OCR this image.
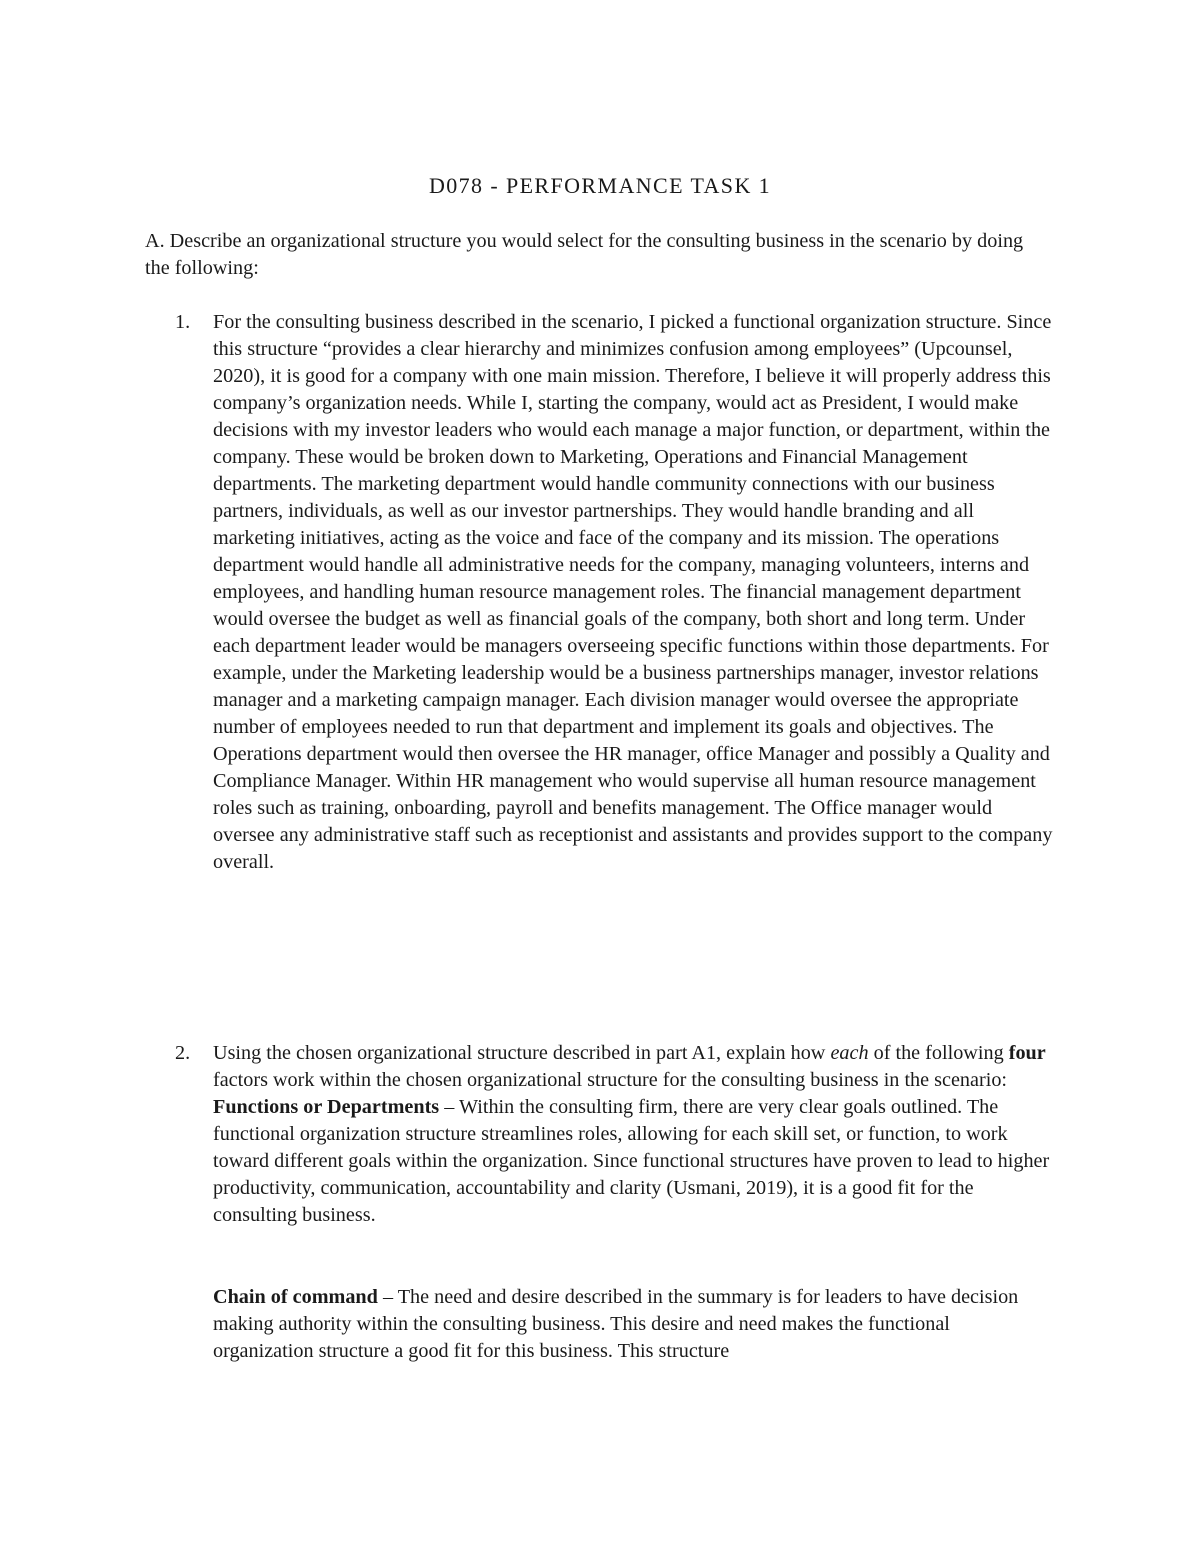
D078 - PERFORMANCE TASK 1
A. Describe an organizational structure you would select for the consulting business in the scenario by doing the following:
1. For the consulting business described in the scenario, I picked a functional organization structure. Since this structure “provides a clear hierarchy and minimizes confusion among employees” (Upcounsel, 2020), it is good for a company with one main mission. Therefore, I believe it will properly address this company’s organization needs. While I, starting the company, would act as President, I would make decisions with my investor leaders who would each manage a major function, or department, within the company. These would be broken down to Marketing, Operations and Financial Management departments. The marketing department would handle community connections with our business partners, individuals, as well as our investor partnerships. They would handle branding and all marketing initiatives, acting as the voice and face of the company and its mission. The operations department would handle all administrative needs for the company, managing volunteers, interns and employees, and handling human resource management roles. The financial management department would oversee the budget as well as financial goals of the company, both short and long term. Under each department leader would be managers overseeing specific functions within those departments. For example, under the Marketing leadership would be a business partnerships manager, investor relations manager and a marketing campaign manager. Each division manager would oversee the appropriate number of employees needed to run that department and implement its goals and objectives. The Operations department would then oversee the HR manager, office Manager and possibly a Quality and Compliance Manager. Within HR management who would supervise all human resource management roles such as training, onboarding, payroll and benefits management. The Office manager would oversee any administrative staff such as receptionist and assistants and provides support to the company overall.
2. Using the chosen organizational structure described in part A1, explain how each of the following four factors work within the chosen organizational structure for the consulting business in the scenario:
Functions or Departments – Within the consulting firm, there are very clear goals outlined. The functional organization structure streamlines roles, allowing for each skill set, or function, to work toward different goals within the organization. Since functional structures have proven to lead to higher productivity, communication, accountability and clarity (Usmani, 2019), it is a good fit for the consulting business.
Chain of command – The need and desire described in the summary is for leaders to have decision making authority within the consulting business. This desire and need makes the functional organization structure a good fit for this business. This structure
